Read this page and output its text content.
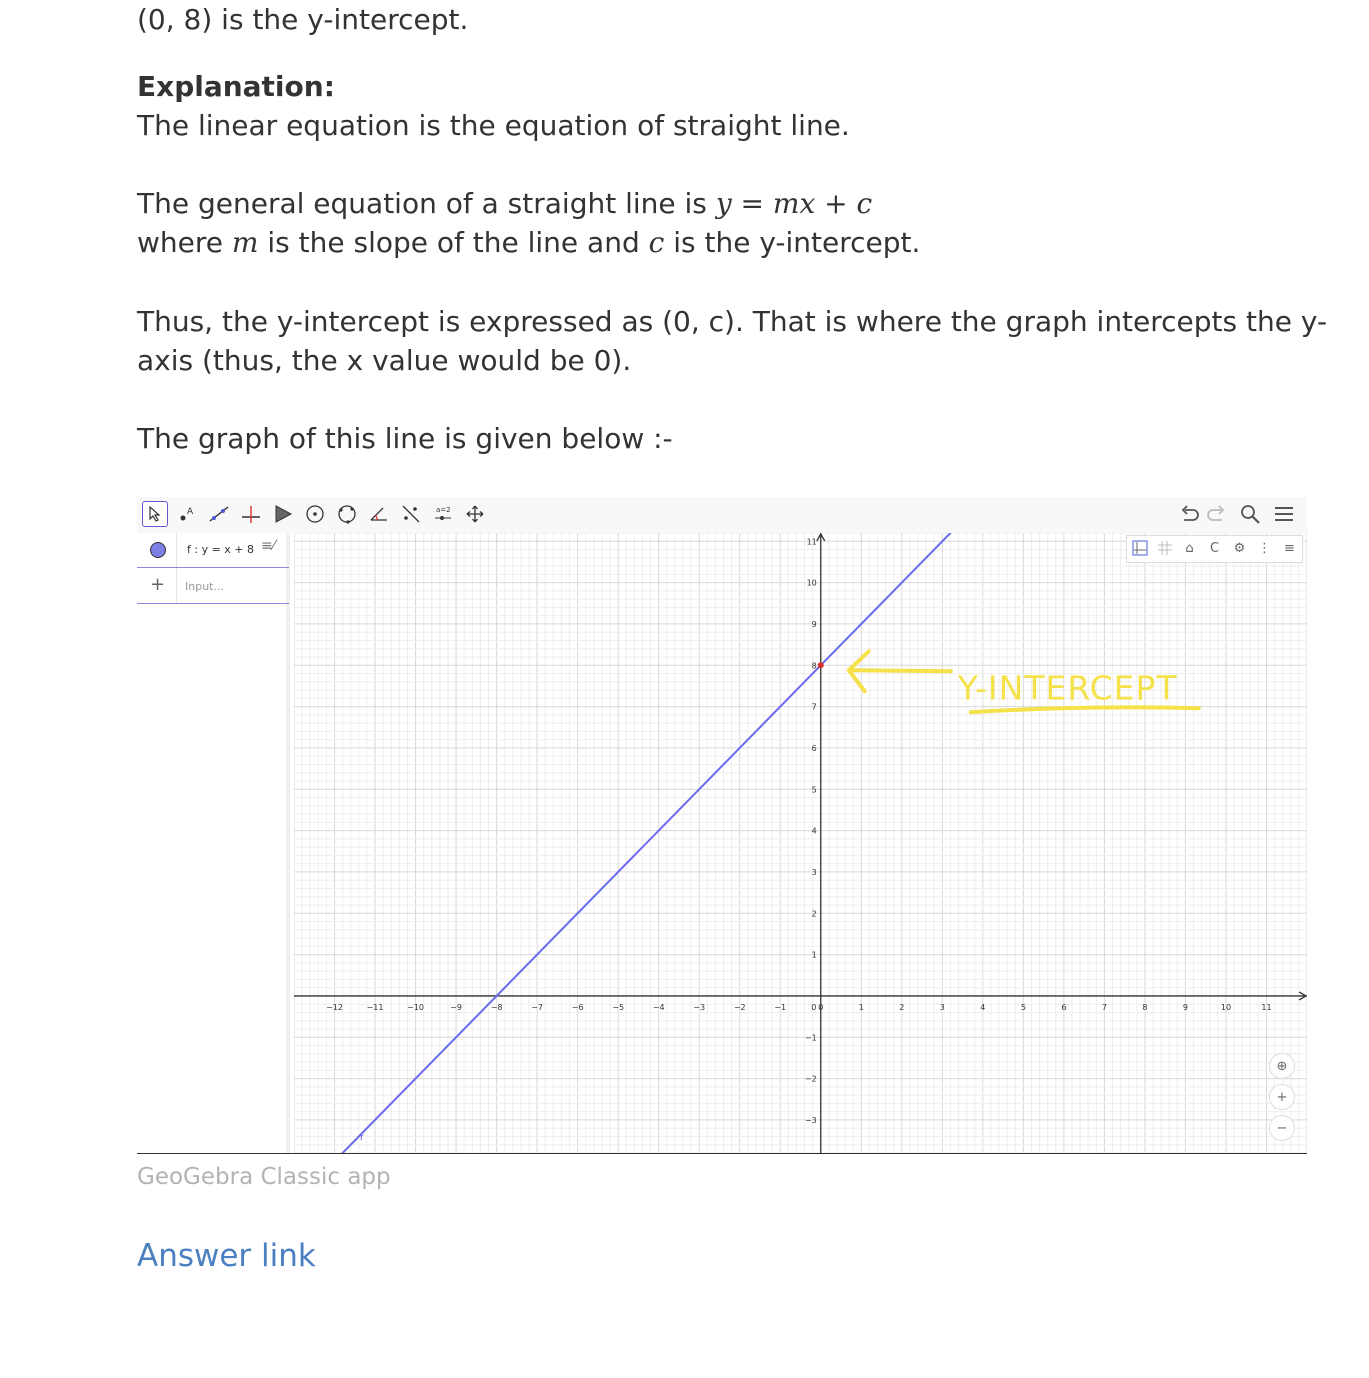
(0, 8) is the y-intercept.

Explanation:

The linear equation is the equation of straight line.

The general equation of a straight line is y = mx + c

where m is the slope of the line and c is the y-intercept.

Thus, the y-intercept is expressed as (0, c). That is where the graph intercepts the y-

axis (thus, the x value would be 0).

The graph of this line is given below :-

A	a=2
f : y = x + 8 ≡⁄
+ Input...
−12	−11	−10	−9	−8	−7	−6	−5	−4	−3	−2	−1	0	1	2	3	4	5	6	7	8	9	10	11
0
−3
−2
−1
1
2
3
4
5
6
7
8
9
10
11
f
Y-INTERCEPT
⌂	C	⚙ ⋮	≡
⊕
+
−
GeoGebra Classic app
Answer link
